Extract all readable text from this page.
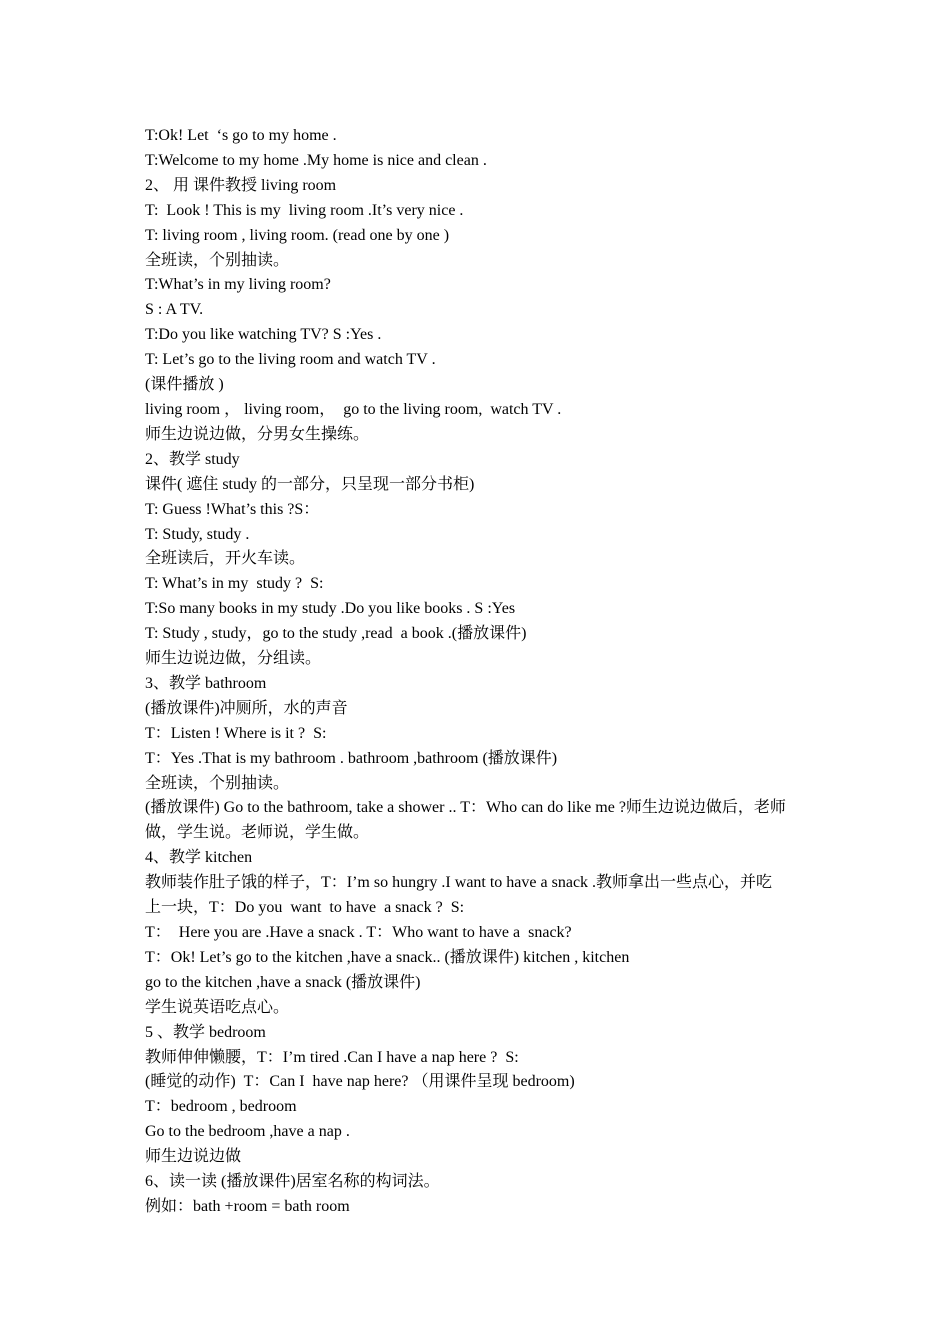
T:Ok! Let  ‘s go to my home .

T:Welcome to my home .My home is nice and clean .

2、 用 课件教授 living room

T:  Look ! This is my  living room .It’s very nice .

T: living room , living room. (read one by one )

全班读，个别抽读。

T:What’s in my living room?

S : A TV.

T:Do you like watching TV? S :Yes .

T: Let’s go to the living room and watch TV .

(课件播放 )

living room ， living room，  go to the living room,  watch TV .

师生边说边做，分男女生操练。

2、教学 study

课件( 遮住 study 的一部分，只呈现一部分书柜)

T: Guess !What’s this ?S：

T: Study, study .

全班读后，开火车读。

T: What’s in my  study ?  S:

T:So many books in my study .Do you like books . S :Yes

T: Study , study，go to the study ,read  a book .(播放课件)

师生边说边做，分组读。

3、教学 bathroom

(播放课件)冲厕所，水的声音

T：Listen ! Where is it ?  S:

T：Yes .That is my bathroom . bathroom ,bathroom (播放课件)

全班读，个别抽读。

(播放课件) Go to the bathroom, take a shower .. T：Who can do like me ?师生边说边做后，老师

做，学生说。老师说，学生做。

4、教学 kitchen

教师装作肚子饿的样子，T：I’m so hungry .I want to have a snack .教师拿出一些点心，并吃

上一块，T：Do you  want  to have  a snack ?  S:

T：  Here you are .Have a snack . T：Who want to have a  snack?

T：Ok! Let’s go to the kitchen ,have a snack.. (播放课件) kitchen , kitchen

go to the kitchen ,have a snack (播放课件)

学生说英语吃点心。

5 、教学 bedroom

教师伸伸懒腰，T：I’m tired .Can I have a nap here ?  S:

(睡觉的动作)  T：Can I  have nap here? （用课件呈现 bedroom)

T：bedroom , bedroom

Go to the bedroom ,have a nap .

师生边说边做

6、读一读 (播放课件)居室名称的构词法。

例如：bath +room = bath room
